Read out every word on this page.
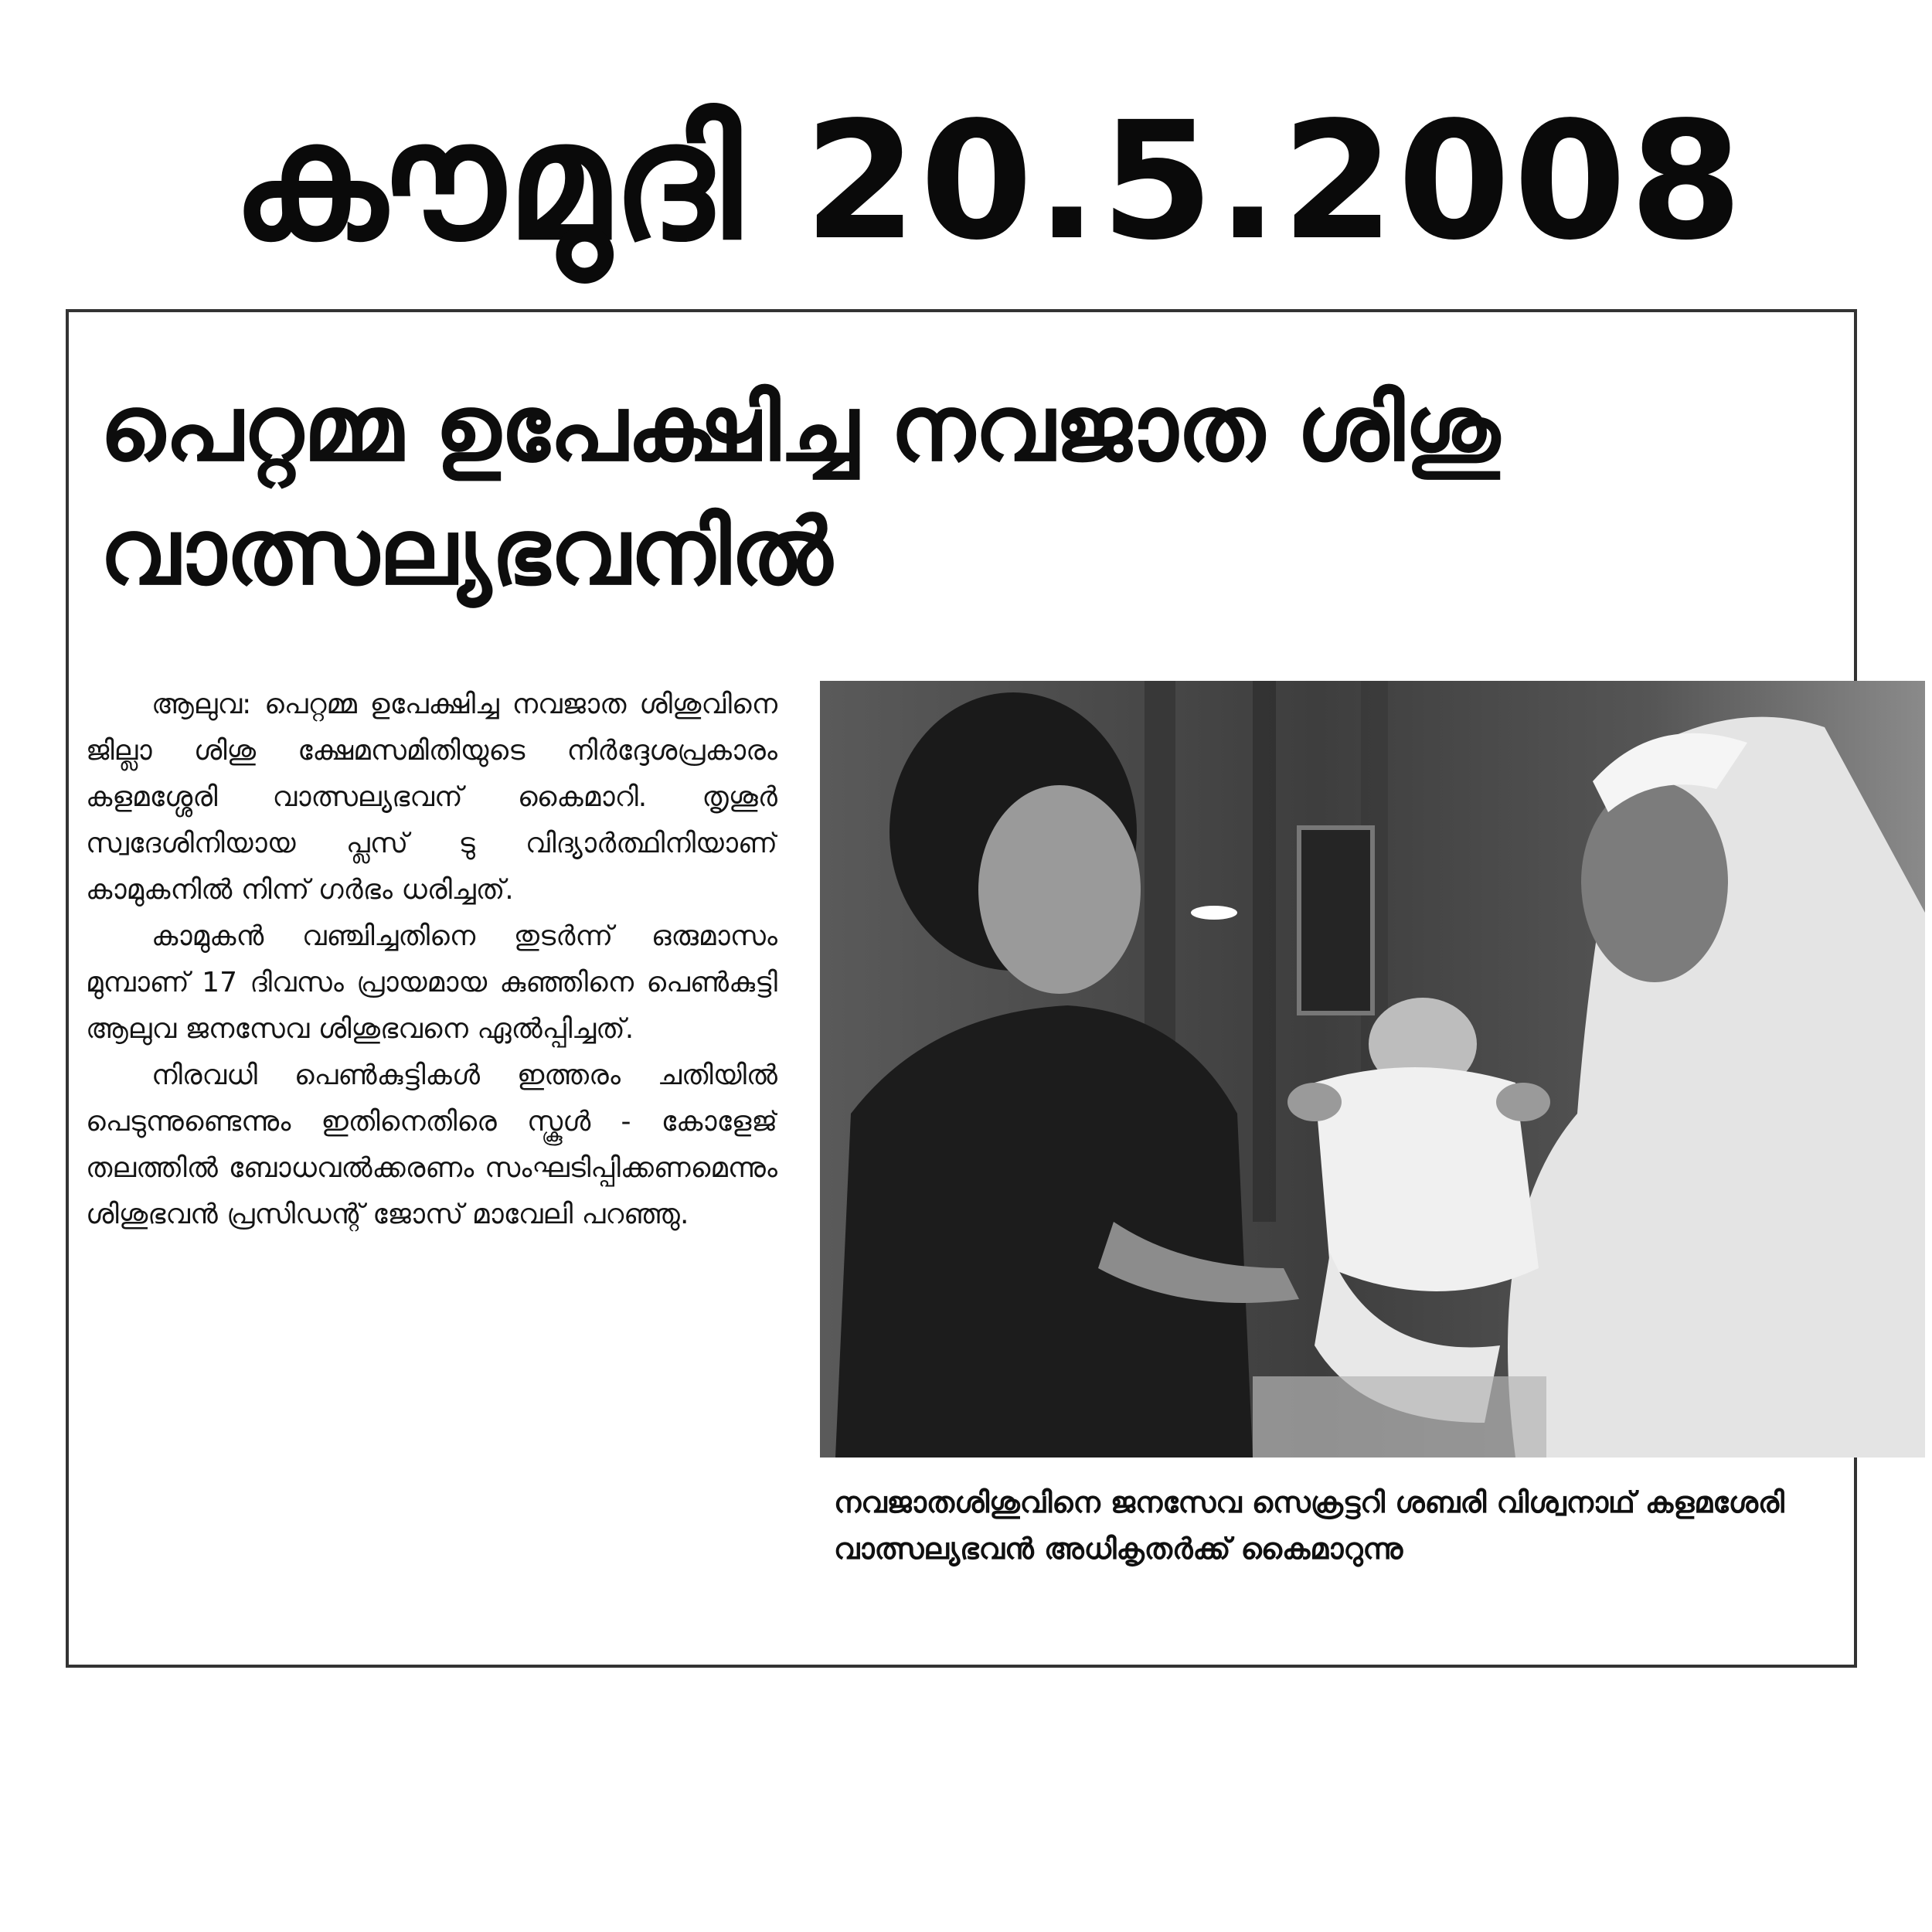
കൗമുദി 20.5.2008
പെറ്റമ്മ ഉപേക്ഷിച്ച നവജാത ശിശു
വാത്സല്യഭവനിൽ

ആലുവ: പെറ്റമ്മ ഉപേക്ഷിച്ച നവജാത ശിശുവിനെ ജില്ലാ ശിശു ക്ഷേമസമിതിയുടെ നിർദ്ദേശപ്രകാരം കളമശ്ശേരി വാത്സല്യഭവന് കൈമാറി. തൃശൂർ സ്വദേശിനിയായ പ്ലസ് ടു വിദ്യാർത്ഥിനിയാണ് കാമുകനിൽ നിന്ന് ഗർഭം ധരിച്ചത്.

കാമുകൻ വഞ്ചിച്ചതിനെ തുടർന്ന് ഒരുമാസം മുമ്പാണ് 17 ദിവസം പ്രായമായ കുഞ്ഞിനെ പെൺകുട്ടി ആലുവ ജനസേവ ശിശുഭവനെ ഏൽപ്പിച്ചത്.

നിരവധി പെൺകുട്ടികൾ ഇത്തരം ചതിയിൽ പെടുന്നുണ്ടെന്നും ഇതിനെതിരെ സ്കൂൾ - കോളേജ് തലത്തിൽ ബോധവൽക്കരണം സംഘടിപ്പിക്കണമെന്നും ശിശുഭവൻ പ്രസിഡന്റ് ജോസ് മാവേലി പറഞ്ഞു.

നവജാതശിശുവിനെ ജനസേവ സെക്രട്ടറി ശബരി വിശ്വനാഥ് കളമശേരി വാത്സല്യഭവൻ അധികൃതർക്ക് കൈമാറുന്നു
